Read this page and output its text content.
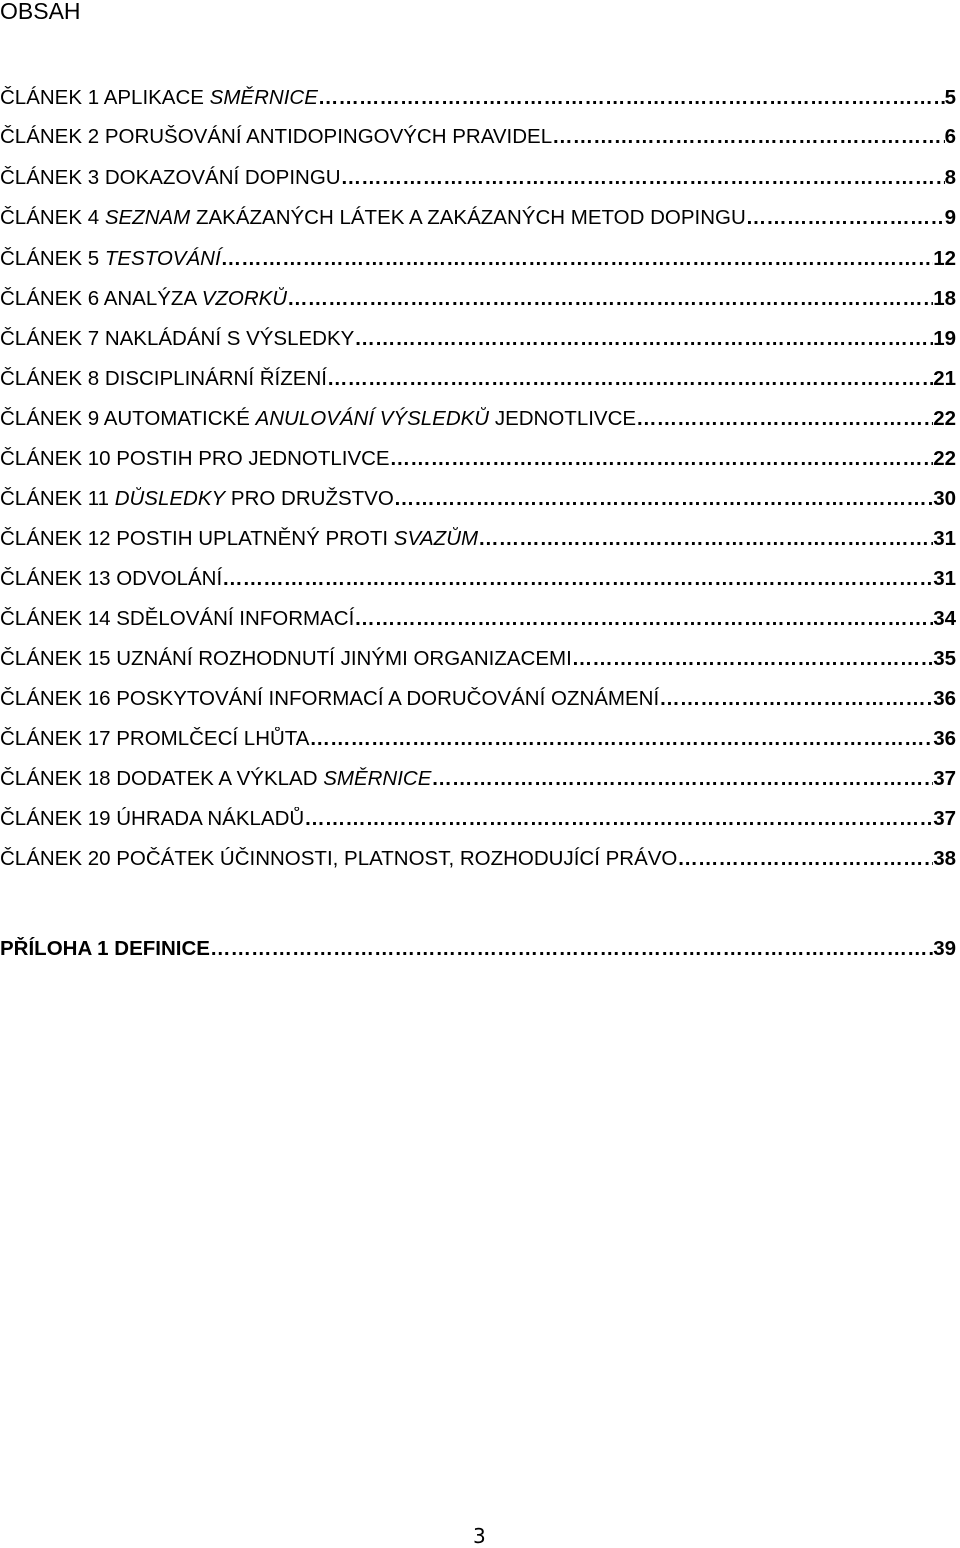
OBSAH
ČLÁNEK 1 APLIKACE SMĚRNICE …………………………………………………………………………………………………………………………………………………………………………………	5
ČLÁNEK 2 PORUŠOVÁNÍ ANTIDOPINGOVÝCH PRAVIDEL …………………………………………………………………………………………………………………………………………………………………………………	6
ČLÁNEK 3 DOKAZOVÁNÍ DOPINGU …………………………………………………………………………………………………………………………………………………………………………………	8
ČLÁNEK 4 SEZNAM ZAKÁZANÝCH LÁTEK A ZAKÁZANÝCH METOD DOPINGU …………………………………………………………………………………………………………………………………………………………………………………	9
ČLÁNEK 5 TESTOVÁNÍ …………………………………………………………………………………………………………………………………………………………………………………	12
ČLÁNEK 6 ANALÝZA VZORKŮ …………………………………………………………………………………………………………………………………………………………………………………	18
ČLÁNEK 7 NAKLÁDÁNÍ S VÝSLEDKY …………………………………………………………………………………………………………………………………………………………………………………	19
ČLÁNEK 8 DISCIPLINÁRNÍ ŘÍZENÍ …………………………………………………………………………………………………………………………………………………………………………………	21
ČLÁNEK 9 AUTOMATICKÉ ANULOVÁNÍ VÝSLEDKŮ JEDNOTLIVCE …………………………………………………………………………………………………………………………………………………………………………………	22
ČLÁNEK 10 POSTIH PRO JEDNOTLIVCE …………………………………………………………………………………………………………………………………………………………………………………	22
ČLÁNEK 11 DŮSLEDKY PRO DRUŽSTVO …………………………………………………………………………………………………………………………………………………………………………………	30
ČLÁNEK 12 POSTIH UPLATNĚNÝ PROTI SVAZŮM …………………………………………………………………………………………………………………………………………………………………………………	31
ČLÁNEK 13 ODVOLÁNÍ …………………………………………………………………………………………………………………………………………………………………………………	31
ČLÁNEK 14 SDĚLOVÁNÍ INFORMACÍ …………………………………………………………………………………………………………………………………………………………………………………	34
ČLÁNEK 15 UZNÁNÍ ROZHODNUTÍ JINÝMI ORGANIZACEMI …………………………………………………………………………………………………………………………………………………………………………………	35
ČLÁNEK 16 POSKYTOVÁNÍ INFORMACÍ A DORUČOVÁNÍ OZNÁMENÍ …………………………………………………………………………………………………………………………………………………………………………………	36
ČLÁNEK 17 PROMLČECÍ LHŮTA …………………………………………………………………………………………………………………………………………………………………………………	36
ČLÁNEK 18 DODATEK A VÝKLAD SMĚRNICE …………………………………………………………………………………………………………………………………………………………………………………	37
ČLÁNEK 19 ÚHRADA NÁKLADŮ …………………………………………………………………………………………………………………………………………………………………………………	37
ČLÁNEK 20 POČÁTEK ÚČINNOSTI, PLATNOST, ROZHODUJÍCÍ PRÁVO …………………………………………………………………………………………………………………………………………………………………………………	38
PŘÍLOHA 1 DEFINICE …………………………………………………………………………………………………………………………………………………………………………………	39
3
